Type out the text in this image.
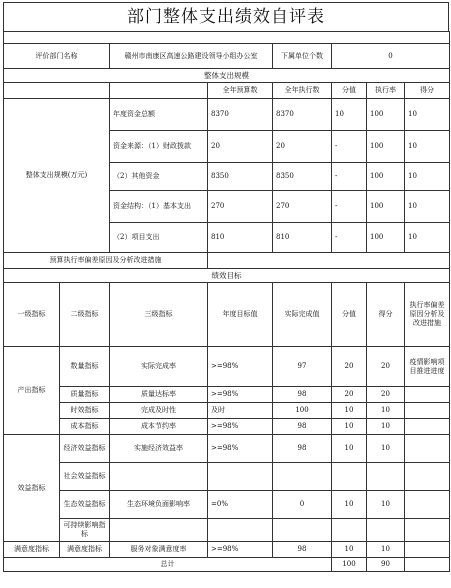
部门整体支出绩效自评表

评价部门名称		赣州市南康区高速公路建设领导小组办公室		下属单位个数	0		
整体支出规模							
			全年预算数	全年执行数	分值	执行率	得分
整体支出规模(万元)		年度资金总额	8370	8370	10	100	10
		资金来源：（1）财政拨款	20	20	-	100	10
		（2）其他资金	8350	8350	-	100	10
		资金结构：（1）基本支出	270	270	-	100	10
		（2）项目支出	810	810	-	100	10
预算执行率偏差原因及分析改进措施							
绩效目标							
一级指标	二级指标	三级指标	年度目标值	实际完成值	分值	得分	执行率偏差原因分析及改进措施
产出指标	数量指标	实际完成率	>=98%	97	20	20	疫情影响项目推进进度
	质量指标	质量达标率	>=98%	98	20	20	
	时效指标	完成及时性	及时	100	10	10	
	成本指标	成本节约率	>=98%	98	10	10	
效益指标	经济效益指标	实施经济效益率	>=98%	98	10	10	
	社会效益指标						
	生态效益指标	生态环境负面影响率	=0%	0	10	10	
	可持续影响指标						
满意度指标	满意度指标	服务对象满意度率	>=98%	98	10	10	
总计					100	90	
